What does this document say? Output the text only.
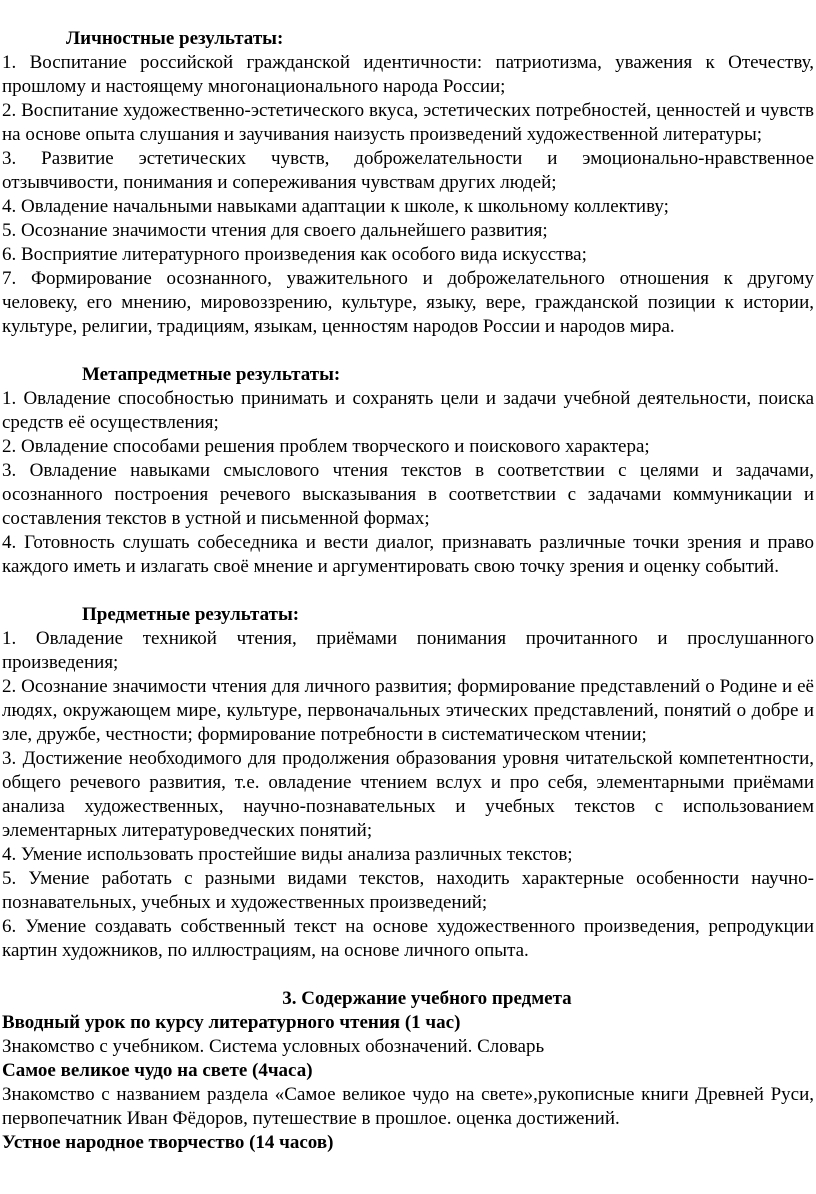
Личностные результаты:

1. Воспитание российской гражданской идентичности: патриотизма, уважения к Отечеству, прошлому и настоящему многонационального народа России;

2. Воспитание художественно-эстетического вкуса, эстетических потребностей, ценностей и чувств на основе опыта слушания и заучивания наизусть произведений художественной литературы;

3. Развитие эстетических чувств, доброжелательности и эмоционально-нравственное отзывчивости, понимания и сопереживания чувствам других людей;

4. Овладение начальными навыками адаптации к школе, к школьному коллективу;

5. Осознание значимости чтения для своего дальнейшего развития;

6. Восприятие литературного произведения как особого вида искусства;

7. Формирование осознанного, уважительного и доброжелательного отношения к другому человеку, его мнению, мировоззрению, культуре, языку, вере, гражданской позиции к истории, культуре, религии, традициям, языкам, ценностям народов России и народов мира.

Метапредметные результаты:

1. Овладение способностью принимать и сохранять цели и задачи учебной деятельности, поиска средств её осуществления;

2. Овладение способами решения проблем творческого и поискового характера;

3. Овладение навыками смыслового чтения текстов в соответствии с целями и задачами, осознанного построения речевого высказывания в соответствии с задачами коммуникации и составления текстов в устной и письменной формах;

4. Готовность слушать собеседника и вести диалог, признавать различные точки зрения и право каждого иметь и излагать своё мнение и аргументировать свою точку зрения и оценку событий.

Предметные результаты:

1. Овладение техникой чтения, приёмами понимания прочитанного и прослушанного произведения;

2. Осознание значимости чтения для личного развития; формирование представлений о Родине и её людях, окружающем мире, культуре, первоначальных этических представлений, понятий о добре и зле, дружбе, честности; формирование потребности в систематическом чтении;

3. Достижение необходимого для продолжения образования уровня читательской компетентности, общего речевого развития, т.е. овладение чтением вслух и про себя, элементарными приёмами анализа художественных, научно-познавательных и учебных текстов с использованием элементарных литературоведческих понятий;

4. Умение использовать простейшие виды анализа различных текстов;

5. Умение работать с разными видами текстов, находить характерные особенности научнопознавательных, учебных и художественных произведений;

6. Умение создавать собственный текст на основе художественного произведения, репродукции картин художников, по иллюстрациям, на основе личного опыта.

3. Содержание учебного предмета

Вводный урок по курсу литературного чтения (1 час)

Знакомство с учебником. Система условных обозначений. Словарь

Самое великое чудо на свете (4часа)

Знакомство с названием раздела «Самое великое чудо на свете»,рукописные книги Древней Руси, первопечатник Иван Фёдоров, путешествие в прошлое. оценка достижений.

Устное народное творчество (14 часов)
